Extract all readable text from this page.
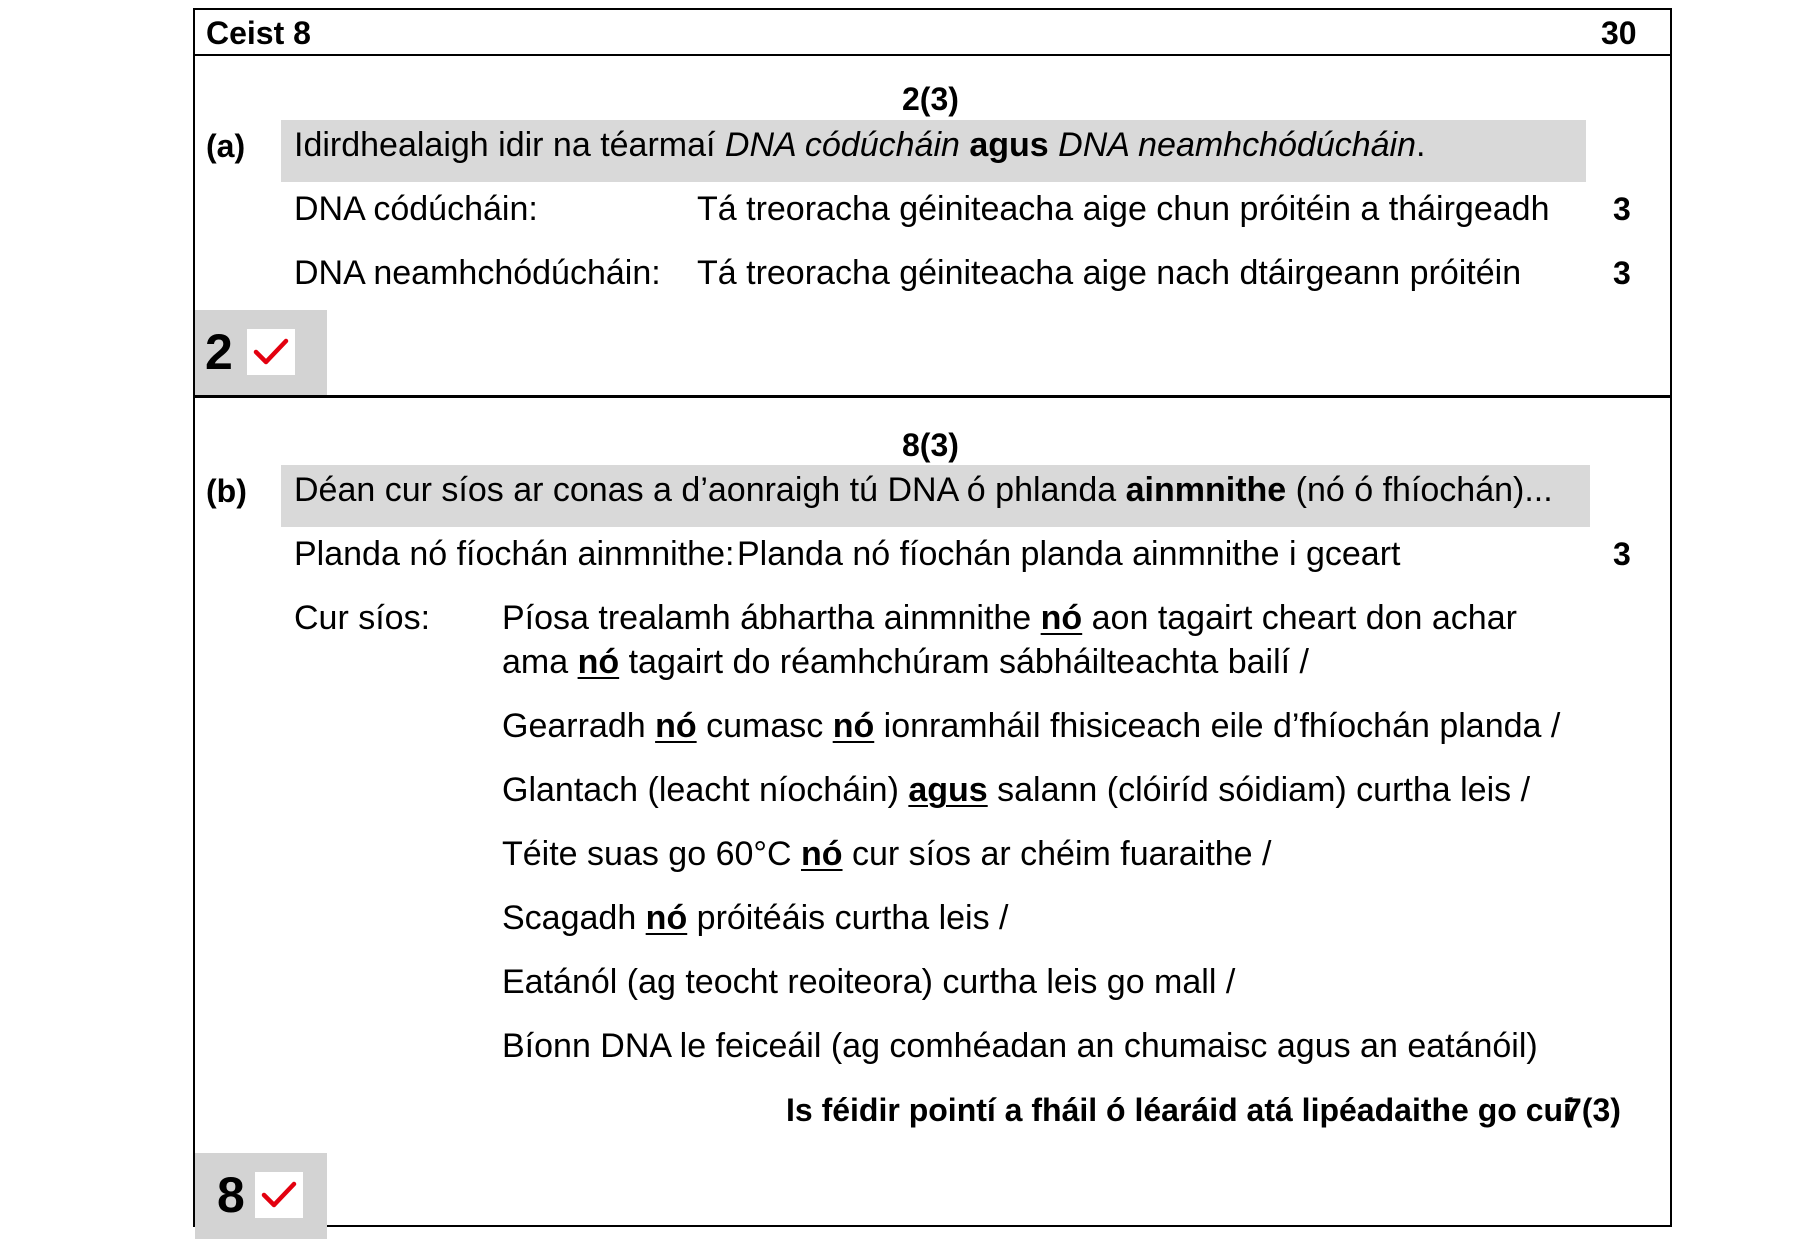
Ceist 8	30
2(3)
(a) Idirdhealaigh idir na téarmaí DNA códúcháin agus DNA neamhchódúcháin.
DNA códúcháin:	Tá treoracha géiniteacha aige chun próitéin a tháirgeadh 3
DNA neamhchódúcháin: Tá treoracha géiniteacha aige nach dtáirgeann próitéin	3
2
8(3)
(b) Déan cur síos ar conas a d’aonraigh tú DNA ó phlanda ainmnithe (nó ó fhíochán)...
Planda nó fíochán ainmnithe: Planda nó fíochán planda ainmnithe i gceart	3
Cur síos: Píosa trealamh ábhartha ainmnithe nó aon tagairt cheart don achar
ama nó tagairt do réamhchúram sábháilteachta bailí /
Gearradh nó cumasc nó ionramháil fhisiceach eile d’fhíochán planda /
Glantach (leacht níocháin) agus salann (clóiríd sóidiam) curtha leis /
Téite suas go 60°C nó cur síos ar chéim fuaraithe /
Scagadh nó próitéáis curtha leis /
Eatánól (ag teocht reoiteora) curtha leis go mall /
Bíonn DNA le feiceáil (ag comhéadan an chumaisc agus an eatánóil)
Is féidir pointí a fháil ó léaráid atá lipéadaithe go cuí
7(3)
8
